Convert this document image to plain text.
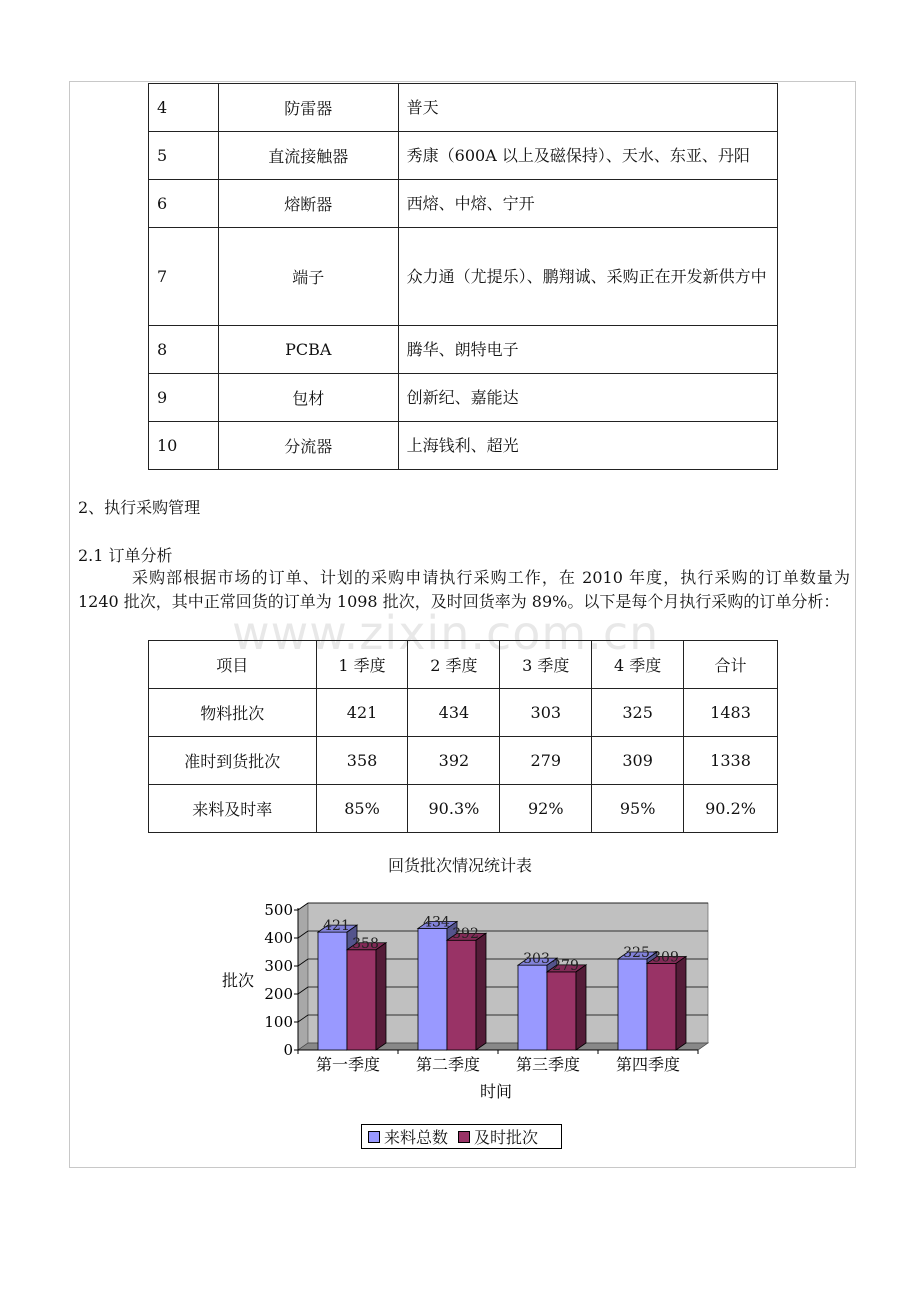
4	防雷器	普天
5	直流接触器	秀康（600A 以上及磁保持）、天水、东亚、丹阳
6	熔断器	西熔、中熔、宁开
7	端子	众力通（尤提乐）、鹏翔诚、采购正在开发新供方中
8	PCBA	腾华、朗特电子
9	包材	创新纪、嘉能达
10	分流器	上海钱利、超光
2、执行采购管理
2.1 订单分析
采购部根据市场的订单、计划的采购申请执行采购工作，在 2010 年度，执行采购的订单数量为 1240 批次，其中正常回货的订单为 1098 批次，及时回货率为 89%。以下是每个月执行采购的订单分析：
www.zixin.com.cn
项目	1 季度	2 季度	3 季度	4 季度	合计
物料批次	421	434	303	325	1483
准时到货批次	358	392	279	309	1338
来料及时率	85%	90.3%	92%	95%	90.2%
回货批次情况统计表
0
100
200
300
400
500
421
358
第一季度
434
392
第二季度
303 279
第三季度
325 309
第四季度
批次
时间
来料总数 及时批次
